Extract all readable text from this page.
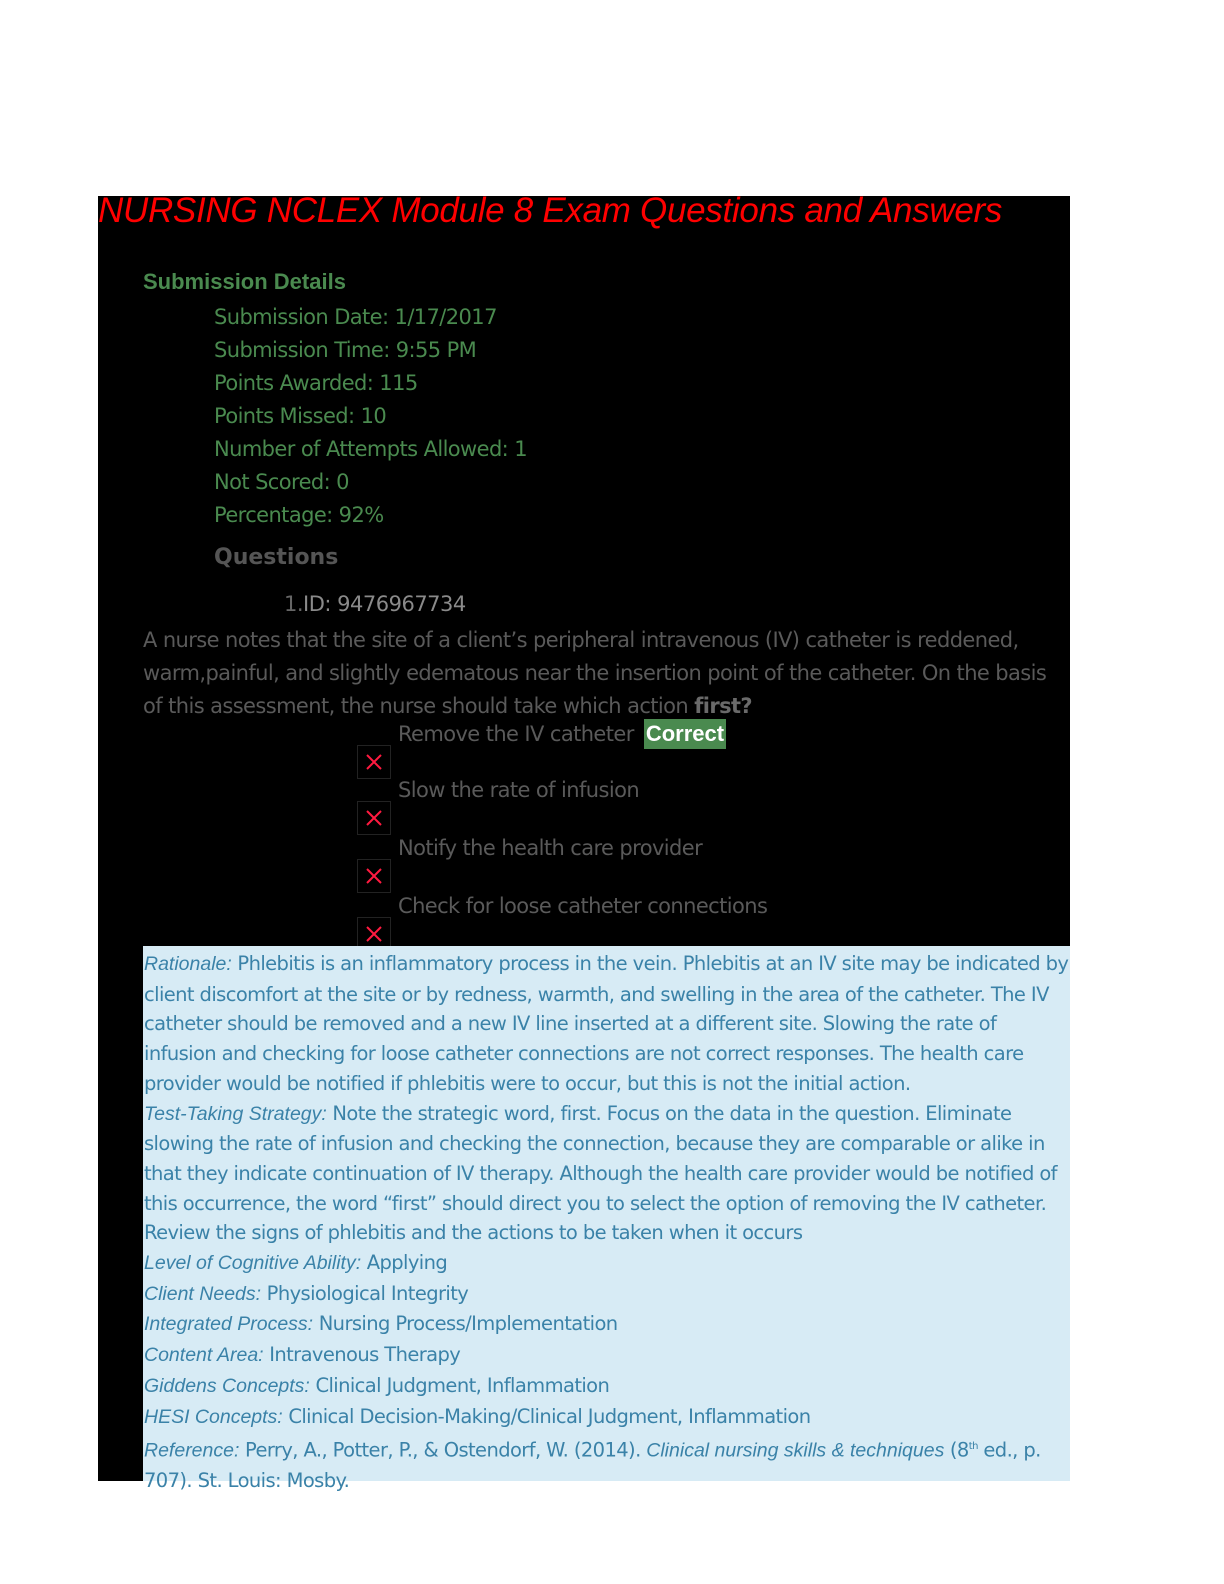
NURSING NCLEX Module 8 Exam Questions and Answers
Submission Details
Submission Date: 1/17/2017
Submission Time: 9:55 PM
Points Awarded: 115
Points Missed: 10
Number of Attempts Allowed: 1
Not Scored: 0
Percentage: 92%
Questions
1.ID: 9476967734

A nurse notes that the site of a client’s peripheral intravenous (IV) catheter is reddened, warm,painful, and slightly edematous near the insertion point of the catheter. On the basis of this assessment, the nurse should take which action first?

Remove the IV catheter Correct
Slow the rate of infusion
Notify the health care provider
Check for loose catheter connections

Rationale: Phlebitis is an inflammatory process in the vein. Phlebitis at an IV site may be indicated by client discomfort at the site or by redness, warmth, and swelling in the area of the catheter. The IV catheter should be removed and a new IV line inserted at a different site. Slowing the rate of infusion and checking for loose catheter connections are not correct responses. The health care provider would be notified if phlebitis were to occur, but this is not the initial action.

Test-Taking Strategy: Note the strategic word, first. Focus on the data in the question. Eliminate slowing the rate of infusion and checking the connection, because they are comparable or alike in that they indicate continuation of IV therapy. Although the health care provider would be notified of this occurrence, the word “first” should direct you to select the option of removing the IV catheter. Review the signs of phlebitis and the actions to be taken when it occurs

Level of Cognitive Ability: Applying

Client Needs: Physiological Integrity

Integrated Process: Nursing Process/Implementation

Content Area: Intravenous Therapy

Giddens Concepts: Clinical Judgment, Inflammation

HESI Concepts: Clinical Decision-Making/Clinical Judgment, Inflammation

Reference: Perry, A., Potter, P., & Ostendorf, W. (2014). Clinical nursing skills & techniques (8th ed., p. 707). St. Louis: Mosby.
